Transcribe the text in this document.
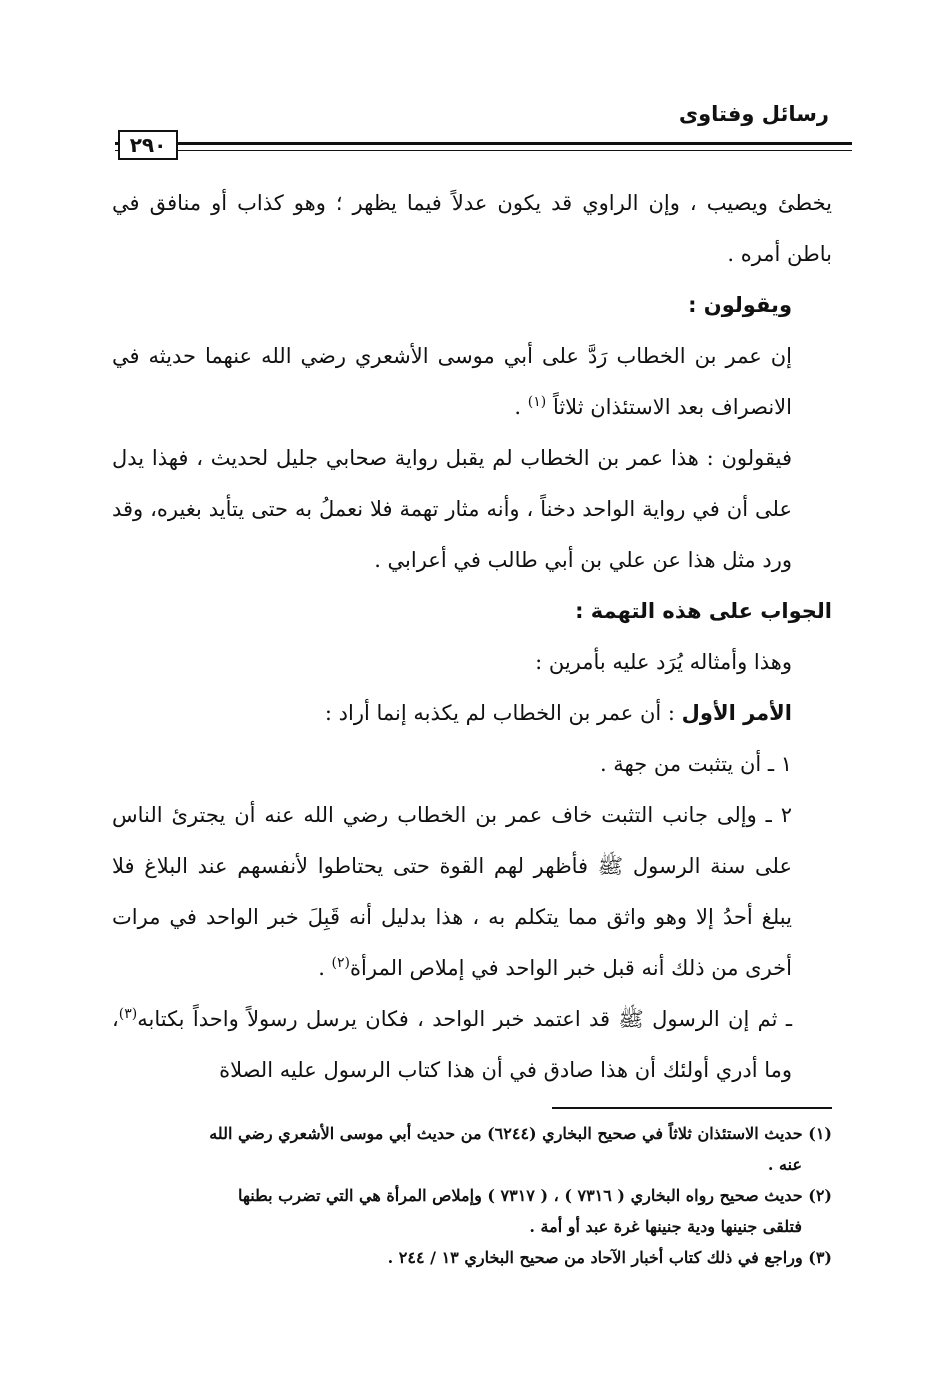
رسائل وفتاوى
٢٩٠

يخطئ ويصيب ، وإن الراوي قد يكون عدلاً فيما يظهر ؛ وهو كذاب أو منافق في باطن أمره .

ويقولون :

إن عمر بن الخطاب رَدَّ على أبي موسى الأشعري رضي الله عنهما حديثه في الانصراف بعد الاستئذان ثلاثاً $^{(١)}$ .

فيقولون : هذا عمر بن الخطاب لم يقبل رواية صحابي جليل لحديث ، فهذا يدل على أن في رواية الواحد دخناً ، وأنه مثار تهمة فلا نعملُ به حتى يتأيد بغيره، وقد ورد مثل هذا عن علي بن أبي طالب في أعرابي .

الجواب على هذه التهمة :

وهذا وأمثاله يُرَد عليه بأمرين :

الأمر الأول : أن عمر بن الخطاب لم يكذبه إنما أراد :

١ ـ أن يتثبت من جهة .

٢ ـ وإلى جانب التثبت خاف عمر بن الخطاب رضي الله عنه أن يجترئ الناس على سنة الرسول ﷺ فأظهر لهم القوة حتى يحتاطوا لأنفسهم عند البلاغ فلا يبلغ أحدُ إلا وهو واثق مما يتكلم به ، هذا بدليل أنه قَبِلَ خبر الواحد في مرات أخرى من ذلك أنه قبل خبر الواحد في إملاص المرأة$^{(٢)}$ .

ـ ثم إن الرسول ﷺ قد اعتمد خبر الواحد ، فكان يرسل رسولاً واحداً بكتابه$^{(٣)}$، وما أدري أولئك أن هذا صادق في أن هذا كتاب الرسول عليه الصلاة

(١) حديث الاستئذان ثلاثاً في صحيح البخاري (٦٢٤٤) من حديث أبي موسى الأشعري رضي الله

عنه .

(٢) حديث صحيح رواه البخاري ( ٧٣١٦ ) ، ( ٧٣١٧ ) وإملاص المرأة هي التي تضرب بطنها

فتلقى جنينها ودية جنينها غرة عبد أو أمة .

(٣) وراجع في ذلك كتاب أخبار الآحاد من صحيح البخاري ١٣ / ٢٤٤ .
